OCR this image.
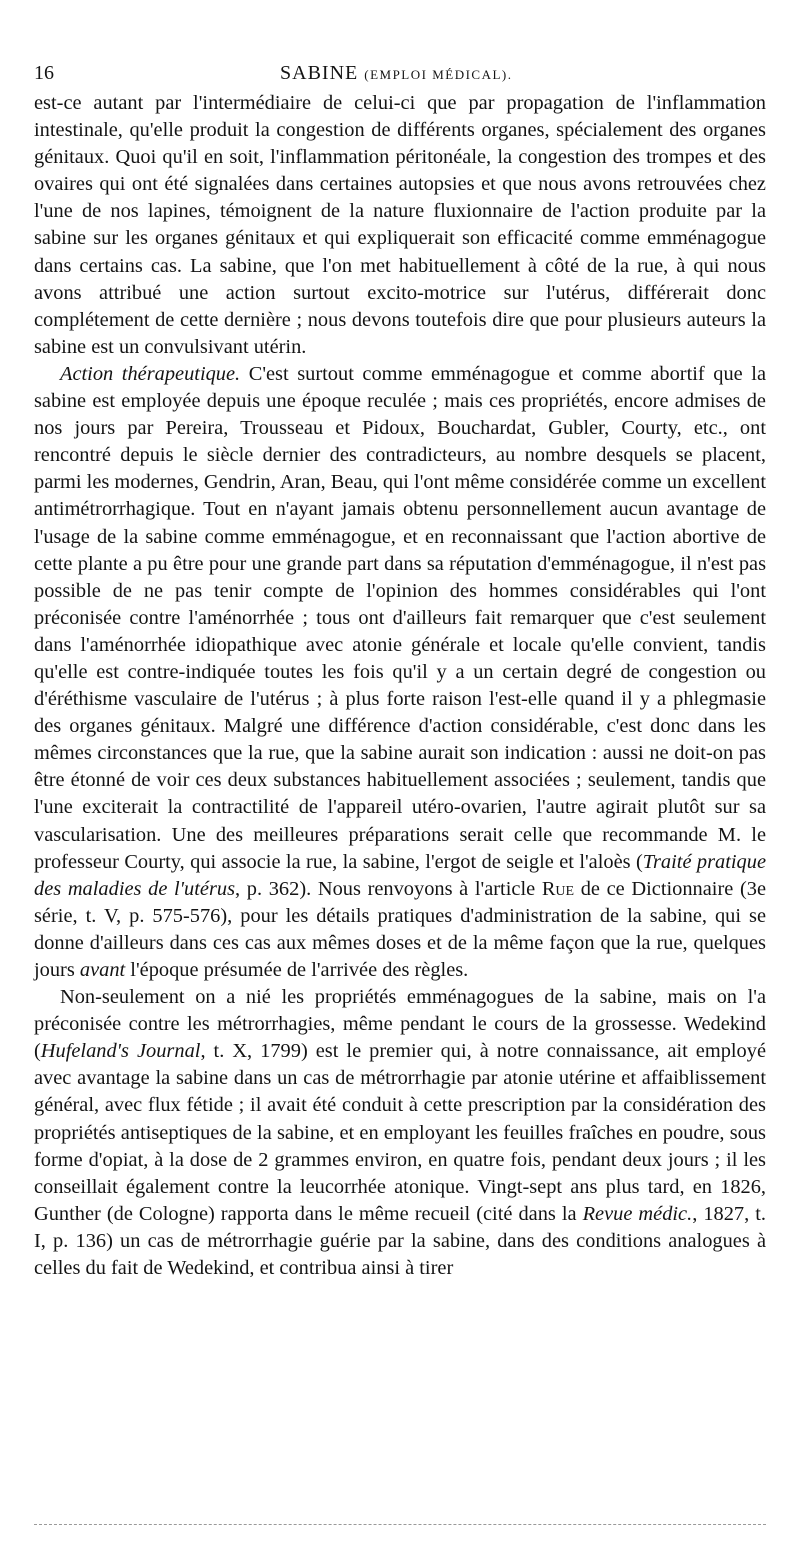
16	SABINE (EMPLOI MÉDICAL).

est-ce autant par l'intermédiaire de celui-ci que par propagation de l'inflammation intestinale, qu'elle produit la congestion de différents organes, spécialement des organes génitaux. Quoi qu'il en soit, l'inflammation péritonéale, la congestion des trompes et des ovaires qui ont été signalées dans certaines autopsies et que nous avons retrouvées chez l'une de nos lapines, témoignent de la nature fluxionnaire de l'action produite par la sabine sur les organes génitaux et qui expliquerait son efficacité comme emménagogue dans certains cas. La sabine, que l'on met habituellement à côté de la rue, à qui nous avons attribué une action surtout excito-motrice sur l'utérus, différerait donc complétement de cette dernière ; nous devons toutefois dire que pour plusieurs auteurs la sabine est un convulsivant utérin.

Action thérapeutique. C'est surtout comme emménagogue et comme abortif que la sabine est employée depuis une époque reculée ; mais ces propriétés, encore admises de nos jours par Pereira, Trousseau et Pidoux, Bouchardat, Gubler, Courty, etc., ont rencontré depuis le siècle dernier des contradicteurs, au nombre desquels se placent, parmi les modernes, Gendrin, Aran, Beau, qui l'ont même considérée comme un excellent antimétrorrhagique. Tout en n'ayant jamais obtenu personnellement aucun avantage de l'usage de la sabine comme emménagogue, et en reconnaissant que l'action abortive de cette plante a pu être pour une grande part dans sa réputation d'emménagogue, il n'est pas possible de ne pas tenir compte de l'opinion des hommes considérables qui l'ont préconisée contre l'aménorrhée ; tous ont d'ailleurs fait remarquer que c'est seulement dans l'aménorrhée idiopathique avec atonie générale et locale qu'elle convient, tandis qu'elle est contre-indiquée toutes les fois qu'il y a un certain degré de congestion ou d'éréthisme vasculaire de l'utérus ; à plus forte raison l'est-elle quand il y a phlegmasie des organes génitaux. Malgré une différence d'action considérable, c'est donc dans les mêmes circonstances que la rue, que la sabine aurait son indication : aussi ne doit-on pas être étonné de voir ces deux substances habituellement associées ; seulement, tandis que l'une exciterait la contractilité de l'appareil utéro-ovarien, l'autre agirait plutôt sur sa vascularisation. Une des meilleures préparations serait celle que recommande M. le professeur Courty, qui associe la rue, la sabine, l'ergot de seigle et l'aloès (Traité pratique des maladies de l'utérus, p. 362). Nous renvoyons à l'article Rue de ce Dictionnaire (3e série, t. V, p. 575-576), pour les détails pratiques d'administration de la sabine, qui se donne d'ailleurs dans ces cas aux mêmes doses et de la même façon que la rue, quelques jours avant l'époque présumée de l'arrivée des règles.

Non-seulement on a nié les propriétés emménagogues de la sabine, mais on l'a préconisée contre les métrorrhagies, même pendant le cours de la grossesse. Wedekind (Hufeland's Journal, t. X, 1799) est le premier qui, à notre connaissance, ait employé avec avantage la sabine dans un cas de métrorrhagie par atonie utérine et affaiblissement général, avec flux fétide ; il avait été conduit à cette prescription par la considération des propriétés antiseptiques de la sabine, et en employant les feuilles fraîches en poudre, sous forme d'opiat, à la dose de 2 grammes environ, en quatre fois, pendant deux jours ; il les conseillait également contre la leucorrhée atonique. Vingt-sept ans plus tard, en 1826, Gunther (de Cologne) rapporta dans le même recueil (cité dans la Revue médic., 1827, t. I, p. 136) un cas de métrorrhagie guérie par la sabine, dans des conditions analogues à celles du fait de Wedekind, et contribua ainsi à tirer
